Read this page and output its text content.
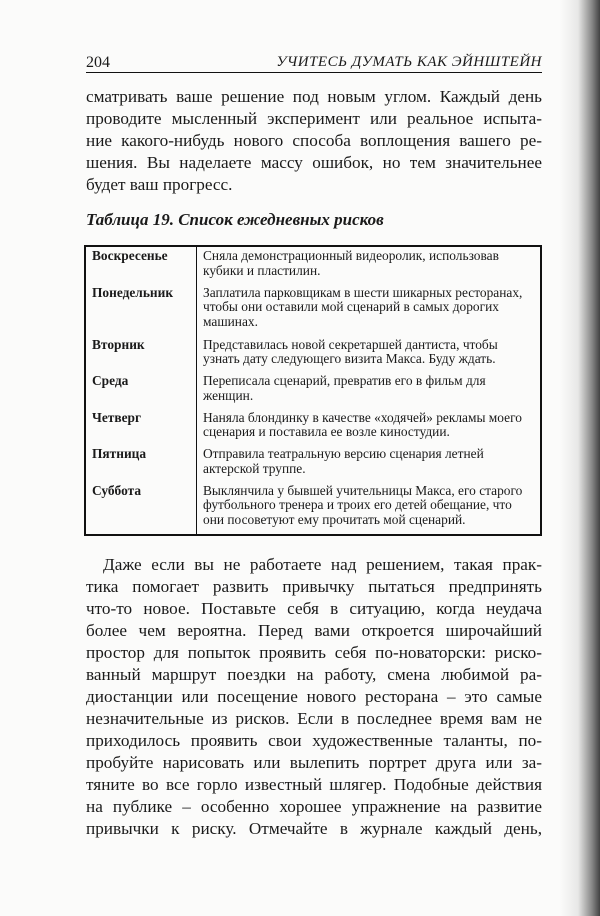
204	УЧИТЕСЬ ДУМАТЬ КАК ЭЙНШТЕЙН
сматривать ваше решение под новым углом. Каждый день
проводите мысленный эксперимент или реальное испыта-
ние какого-нибудь нового способа воплощения вашего ре-
шения. Вы наделаете массу ошибок, но тем значительнее
будет ваш прогресс.
Таблица 19. Список ежедневных рисков
Воскресенье	Сняла демонстрационный видеоролик, использовав кубики и пластилин.
Понедельник	Заплатила парковщикам в шести шикарных ресторанах, чтобы они оставили мой сценарий в самых дорогих машинах.
Вторник	Представилась новой секретаршей дантиста, чтобы узнать дату следующего визита Макса. Буду ждать.
Среда	Переписала сценарий, превратив его в фильм для женщин.
Четверг	Наняла блондинку в качестве «ходячей» рекламы моего сценария и поставила ее возле киностудии.
Пятница	Отправила театральную версию сценария летней актерской труппе.
Суббота	Выклянчила у бывшей учительницы Макса, его старого футбольного тренера и троих его детей обещание, что они посоветуют ему прочитать мой сценарий.
Даже если вы не работаете над решением, такая прак-
тика помогает развить привычку пытаться предпринять
что-то новое. Поставьте себя в ситуацию, когда неудача
более чем вероятна. Перед вами откроется широчайший
простор для попыток проявить себя по-новаторски: риско-
ванный маршрут поездки на работу, смена любимой ра-
диостанции или посещение нового ресторана – это самые
незначительные из рисков. Если в последнее время вам не
приходилось проявить свои художественные таланты, по-
пробуйте нарисовать или вылепить портрет друга или за-
тяните во все горло известный шлягер. Подобные действия
на публике – особенно хорошее упражнение на развитие
привычки к риску. Отмечайте в журнале каждый день,
